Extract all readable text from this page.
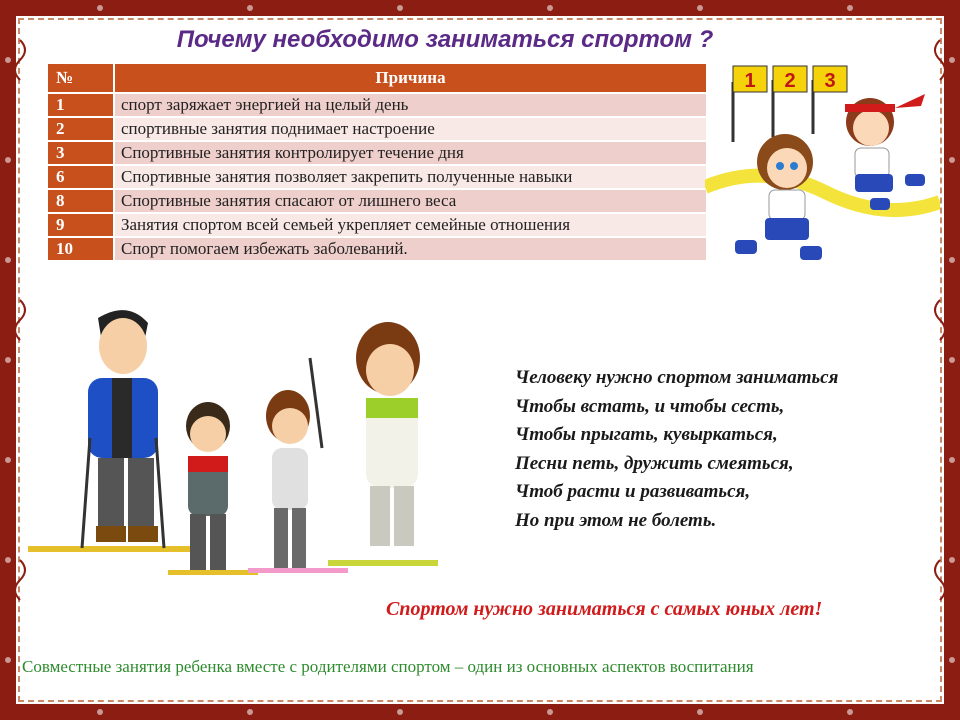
Почему необходимо заниматься спортом ?
№	Причина
1	спорт заряжает энергией на целый день
2	спортивные занятия поднимает настроение
3	Спортивные занятия контролирует течение дня
6	Спортивные занятия позволяет закрепить полученные навыки
8	Спортивные занятия спасают от лишнего веса
9	Занятия спортом всей семьей укрепляет семейные отношения
10	Спорт помогаем избежать заболеваний.
1 2 3
Человеку нужно спортом заниматься
Чтобы встать, и чтобы сесть,
Чтобы прыгать, кувыркаться,
Песни петь, дружить смеяться,
Чтоб расти и развиваться,
Но при этом не болеть.
Спортом нужно заниматься с самых юных лет!
Совместные занятия ребенка вместе с родителями спортом – один из основных аспектов воспитания
